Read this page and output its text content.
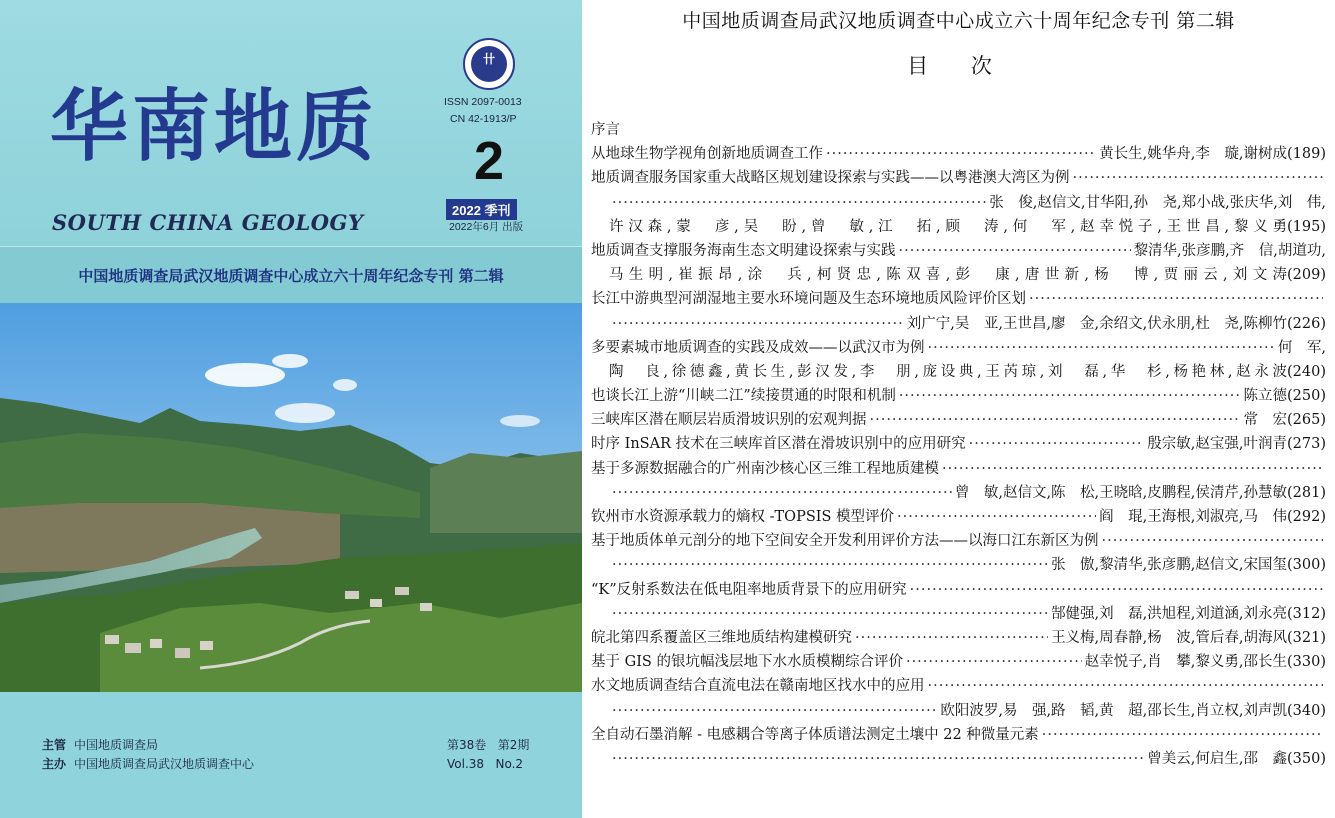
卄
华南地质
SOUTH CHINA GEOLOGY
ISSN 2097-0013
CN 42-1913/P
2
2022 季刊
2022年6月 出版
中国地质调查局武汉地质调查中心成立六十周年纪念专刊 第二辑
主管 中国地质调查局
主办 中国地质调查局武汉地质调查中心
第38卷   第2期
Vol.38   No.2
中国地质调查局武汉地质调查中心成立六十周年纪念专刊 第二辑
目 次
序言
从地球生物学视角创新地质调查工作 ·····	黄长生,姚华舟,李　璇,谢树成 (189)
地质调查服务国家重大战略区规划建设探索与实践——以粤港澳大湾区为例
·····
·····
张　俊,赵信文,甘华阳,孙　尧,郑小战,张庆华,刘　伟,
许汉森,蒙　彦,吴　盼,曾　敏,江　拓,顾　涛,何　军,赵幸悦子,王世昌,黎义勇 (195)
地质调查支撑服务海南生态文明建设探索与实践 ·····	黎清华,张彦鹏,齐　信,胡道功,
马生明,崔振昂,涂　兵,柯贤忠,陈双喜,彭　康,唐世新,杨　博,贾丽云,刘文涛 (209)
长江中游典型河湖湿地主要水环境问题及生态环境地质风险评价区划
·····
·····
刘广宁,吴　亚,王世昌,廖　金,余绍文,伏永朋,杜　尧,陈柳竹 (226)
多要素城市地质调查的实践及成效——以武汉市为例 ·····	何　军,
陶　良,徐德鑫,黄长生,彭汉发,李　朋,庞设典,王芮琼,刘　磊,华　杉,杨艳林,赵永波 (240)
也谈长江上游“川峡二江”续接贯通的时限和机制 ·····	陈立德 (250)
三峡库区潜在顺层岩质滑坡识别的宏观判据 ·····	常　宏 (265)
时序 InSAR 技术在三峡库首区潜在滑坡识别中的应用研究 ·····	殷宗敏,赵宝强,叶润青 (273)
基于多源数据融合的广州南沙核心区三维工程地质建模
·····
·····
曾　敏,赵信文,陈　松,王晓晗,皮鹏程,侯清芹,孙慧敏 (281)
钦州市水资源承载力的熵权 -TOPSIS 模型评价 ·····	阎　琨,王海根,刘淑亮,马　伟 (292)
基于地质体单元剖分的地下空间安全开发利用评价方法——以海口江东新区为例
·····
·····
张　傲,黎清华,张彦鹏,赵信文,宋国玺 (300)
“K”反射系数法在低电阻率地质背景下的应用研究
·····
·····
郜健强,刘　磊,洪旭程,刘道涵,刘永亮 (312)
皖北第四系覆盖区三维地质结构建模研究 ·····	王义梅,周春静,杨　波,管后春,胡海风 (321)
基于 GIS 的银坑幅浅层地下水水质模糊综合评价 ·····	赵幸悦子,肖　攀,黎义勇,邵长生 (330)
水文地质调查结合直流电法在赣南地区找水中的应用
·····
·····
欧阳波罗,易　强,路　韬,黄　超,邵长生,肖立权,刘声凯 (340)
全自动石墨消解 - 电感耦合等离子体质谱法测定土壤中 22 种微量元素
·····
·····
曾美云,何启生,邵　鑫 (350)
